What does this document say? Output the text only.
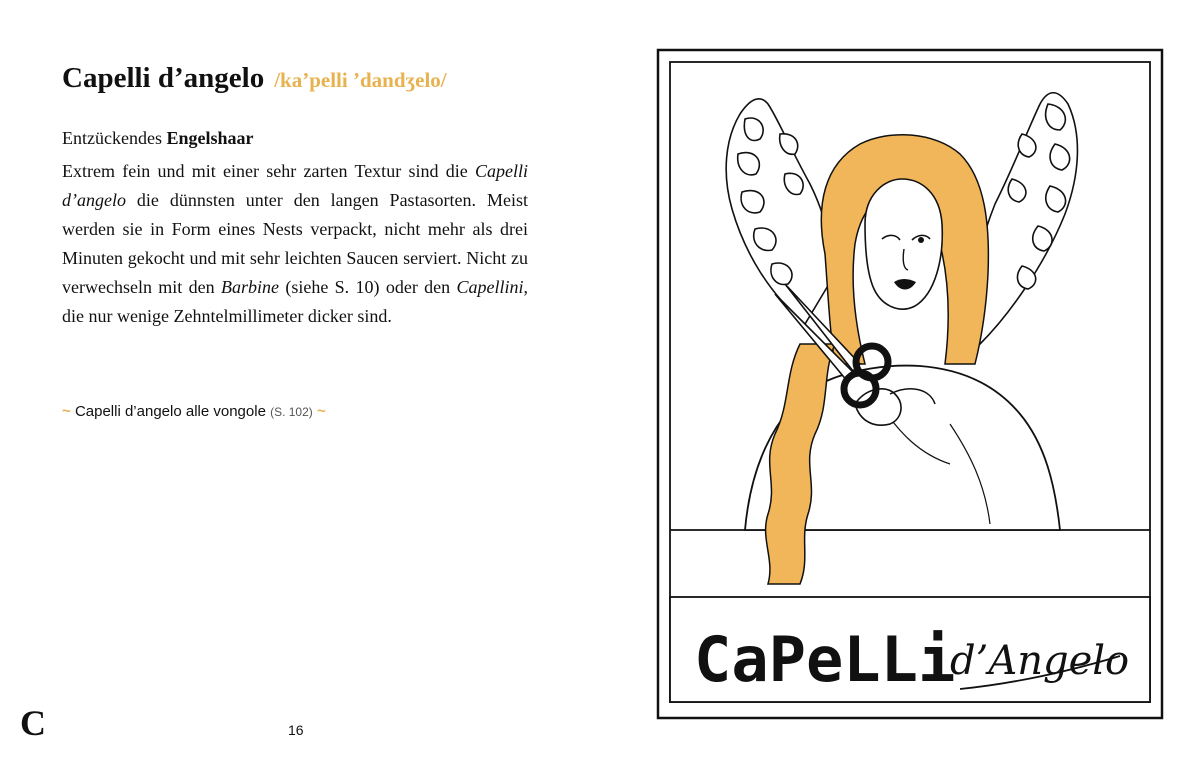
Capelli d’angelo /ka’pelli ’dandʒelo/
Entzückendes Engelshaar
Extrem fein und mit einer sehr zarten Textur sind die Capelli d’angelo die dünnsten unter den langen Pastasorten. Meist werden sie in Form eines Nests verpackt, nicht mehr als drei Minuten gekocht und mit sehr leichten Saucen serviert. Nicht zu verwechseln mit den Barbine (siehe S. 10) oder den Capellini, die nur wenige Zehntelmillimeter dicker sind.
~ Capelli d’angelo alle vongole (S. 102) ~
C	16
CaPeLLi
d’Angelo
